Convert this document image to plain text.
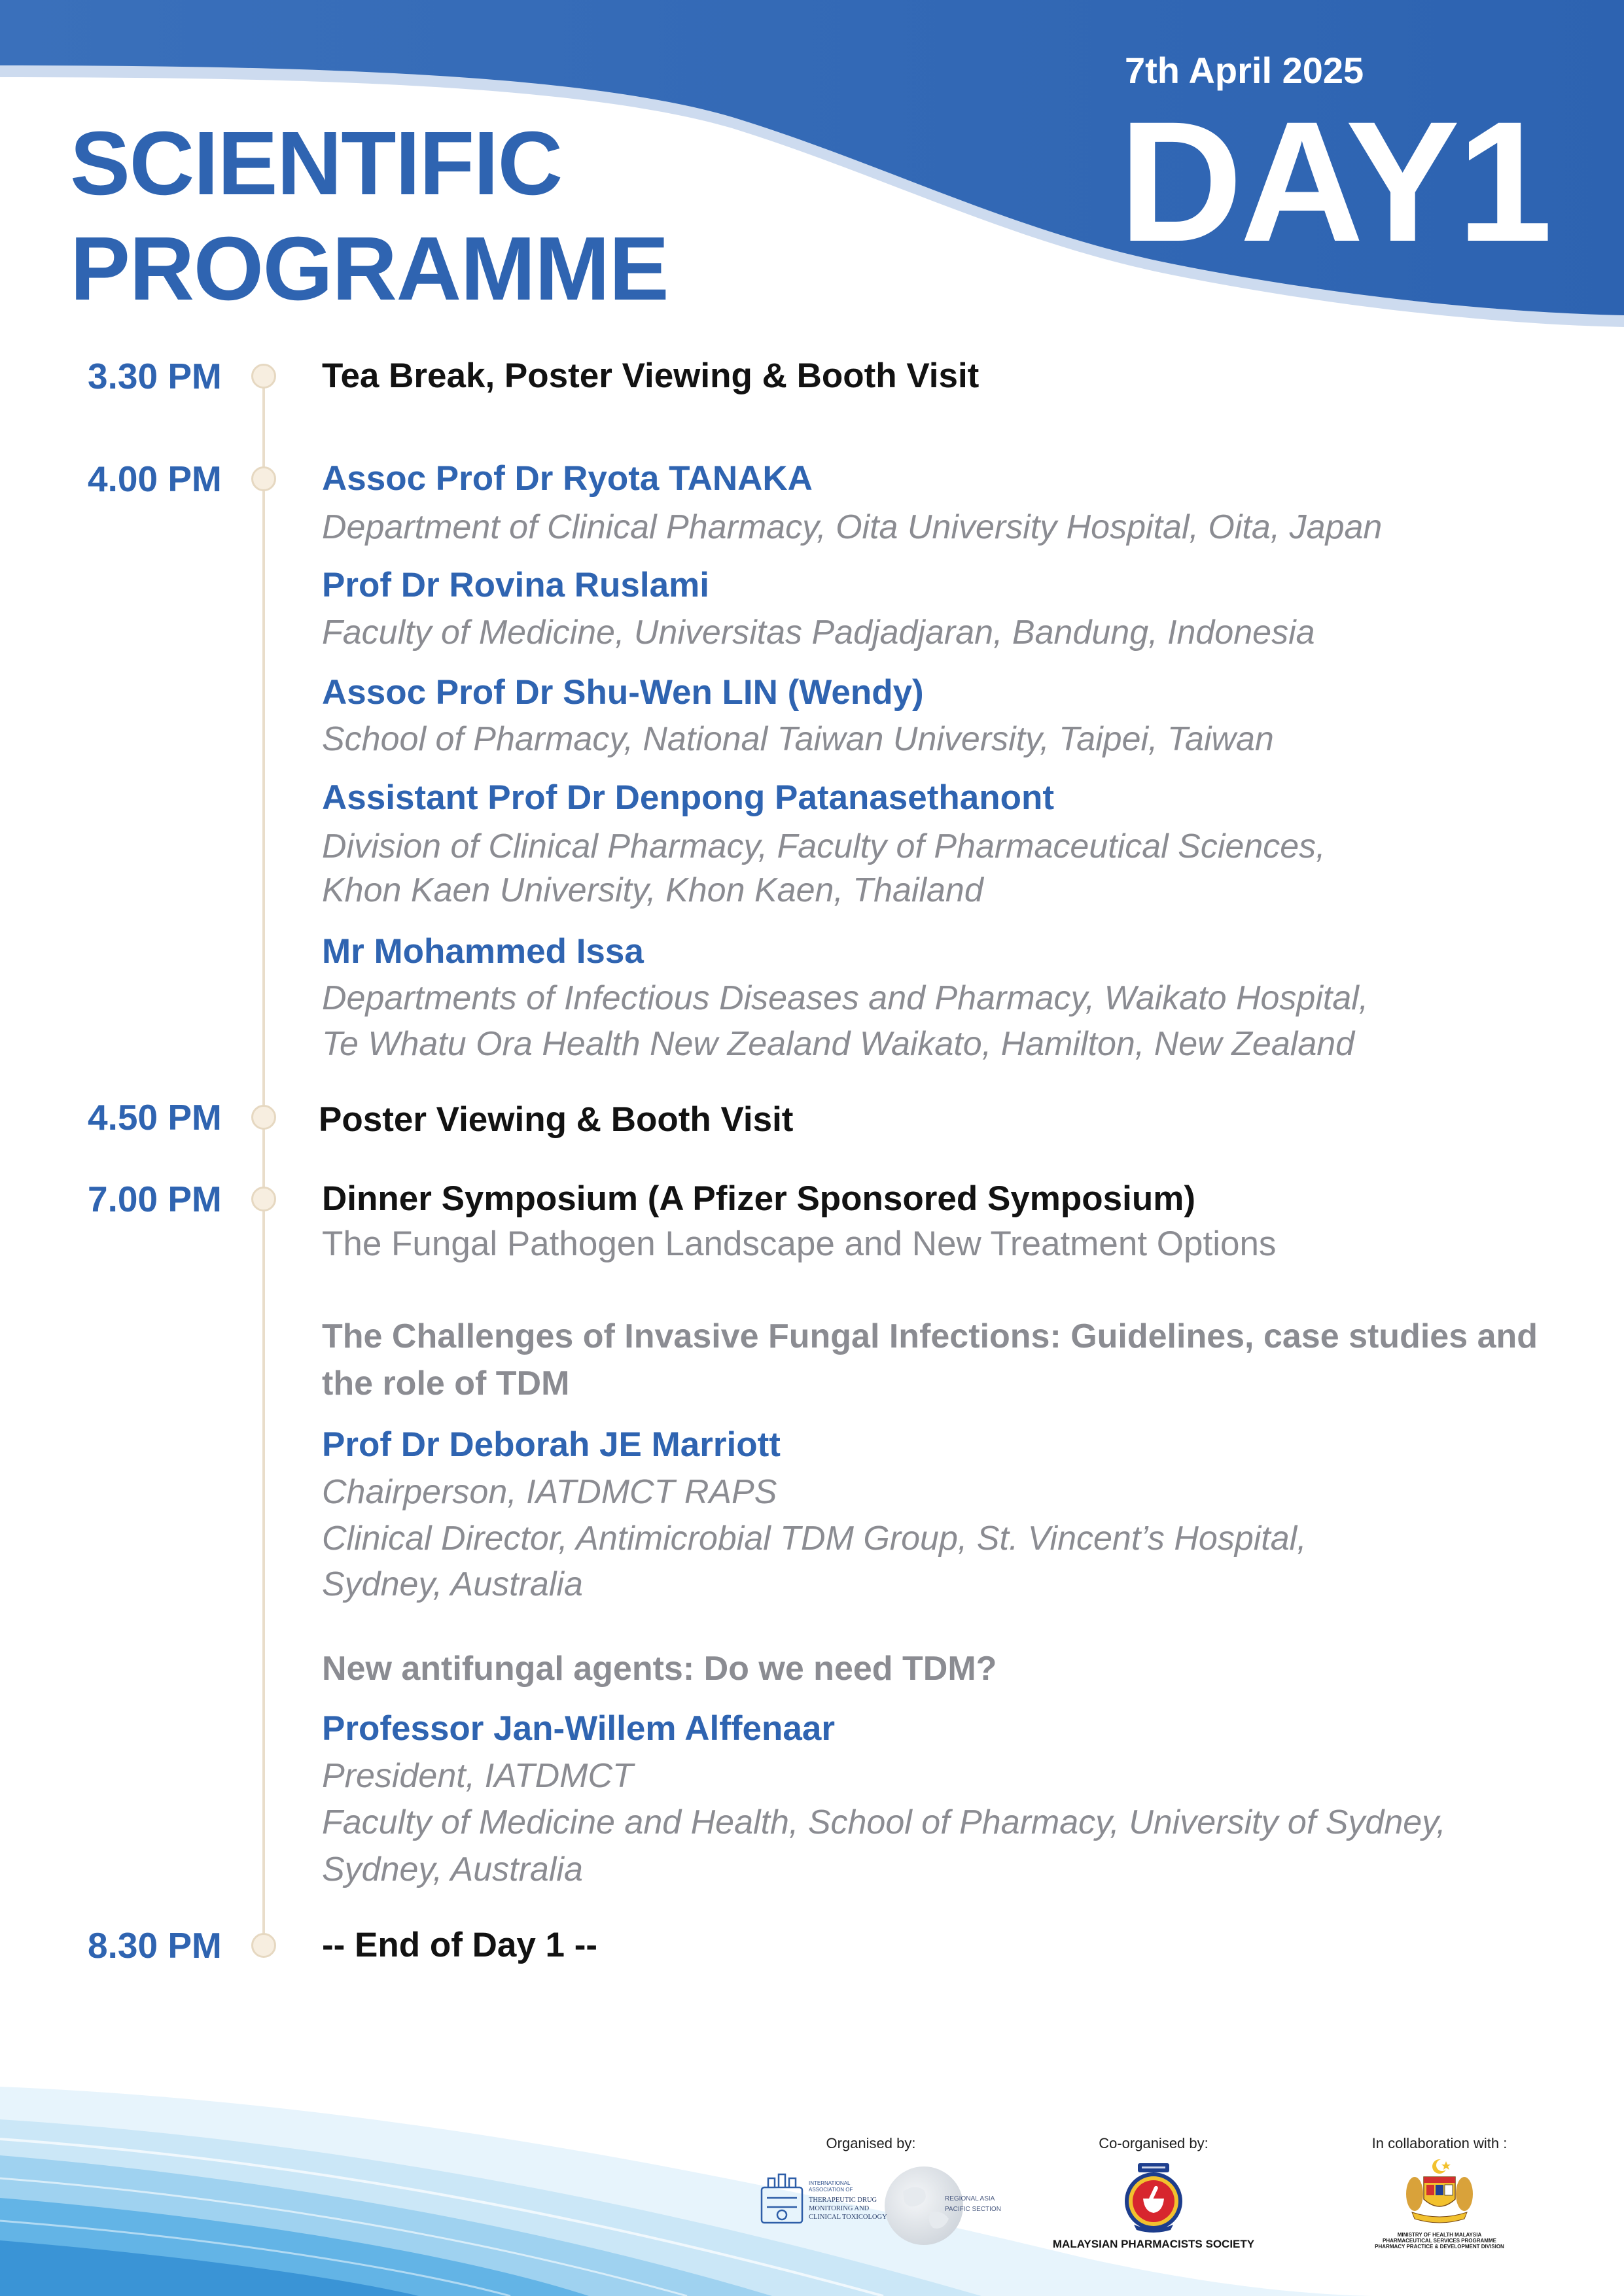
SCIENTIFIC
PROGRAMME
7th April 2025
DAY1
3.30 PM	Tea Break, Poster Viewing & Booth Visit
4.00 PM	Assoc Prof Dr Ryota TANAKA
Department of Clinical Pharmacy, Oita University Hospital, Oita, Japan
Prof Dr Rovina Ruslami
Faculty of Medicine, Universitas Padjadjaran, Bandung, Indonesia
Assoc Prof Dr Shu-Wen LIN (Wendy)
School of Pharmacy, National Taiwan University, Taipei, Taiwan
Assistant Prof Dr Denpong Patanasethanont
Division of Clinical Pharmacy, Faculty of Pharmaceutical Sciences,
Khon Kaen University, Khon Kaen, Thailand
Mr Mohammed Issa
Departments of Infectious Diseases and Pharmacy, Waikato Hospital,
Te Whatu Ora Health New Zealand Waikato, Hamilton, New Zealand
4.50 PM	Poster Viewing & Booth Visit
7.00 PM	Dinner Symposium (A Pfizer Sponsored Symposium)
The Fungal Pathogen Landscape and New Treatment Options
The Challenges of Invasive Fungal Infections: Guidelines, case studies and
the role of TDM
Prof Dr Deborah JE Marriott
Chairperson, IATDMCT RAPS
Clinical Director, Antimicrobial TDM Group, St. Vincent’s Hospital,
Sydney, Australia
New antifungal agents: Do we need TDM?
Professor Jan-Willem Alffenaar
President, IATDMCT
Faculty of Medicine and Health, School of Pharmacy, University of Sydney,
Sydney, Australia
8.30 PM	-- End of Day 1 --
Organised by:	Co-organised by:	In collaboration with :
INTERNATIONAL
ASSOCIATION OF
THERAPEUTIC DRUG
MONITORING AND
CLINICAL TOXICOLOGY
REGIONAL ASIA
PACIFIC SECTION
MALAYSIAN PHARMACISTS SOCIETY
MINISTRY OF HEALTH MALAYSIA
PHARMACEUTICAL SERVICES PROGRAMME
PHARMACY PRACTICE & DEVELOPMENT DIVISION
